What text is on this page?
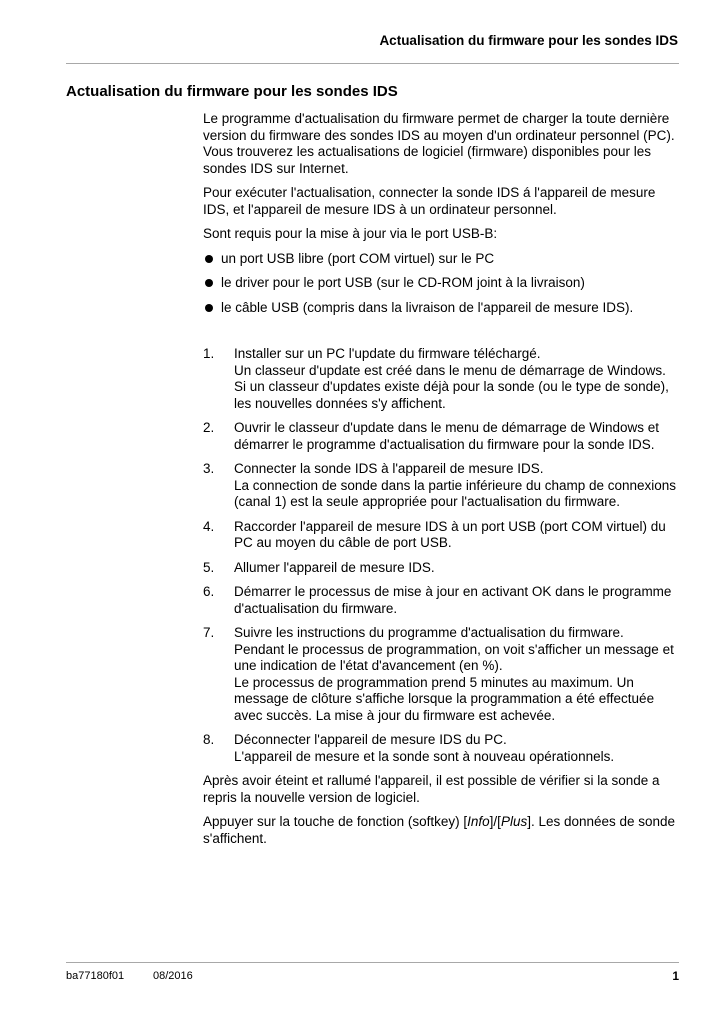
Actualisation du firmware pour les sondes IDS
Actualisation du firmware pour les sondes IDS

Le programme d'actualisation du firmware permet de charger la toute dernière version du firmware des sondes IDS au moyen d'un ordinateur personnel (PC). Vous trouverez les actualisations de logiciel (firmware) disponibles pour les sondes IDS sur Internet.

Pour exécuter l'actualisation, connecter la sonde IDS á l'appareil de mesure IDS, et l'appareil de mesure IDS à un ordinateur personnel.

Sont requis pour la mise à jour via le port USB-B:

un port USB libre (port COM virtuel) sur le PC
le driver pour le port USB (sur le CD-ROM joint à la livraison)
le câble USB (compris dans la livraison de l'appareil de mesure IDS).
1. Installer sur un PC l'update du firmware téléchargé.
Un classeur d'update est créé dans le menu de démarrage de Windows.
Si un classeur d'updates existe déjà pour la sonde (ou le type de sonde), les nouvelles données s'y affichent.
2. Ouvrir le classeur d'update dans le menu de démarrage de Windows et démarrer le programme d'actualisation du firmware pour la sonde IDS.
3. Connecter la sonde IDS à l'appareil de mesure IDS.
La connection de sonde dans la partie inférieure du champ de connexions (canal 1) est la seule appropriée pour l'actualisation du firmware.
4. Raccorder l'appareil de mesure IDS à un port USB (port COM virtuel) du PC au moyen du câble de port USB.
5. Allumer l'appareil de mesure IDS.
6. Démarrer le processus de mise à jour en activant OK dans le programme d'actualisation du firmware.
7. Suivre les instructions du programme d'actualisation du firmware.
Pendant le processus de programmation, on voit s'afficher un message et une indication de l'état d'avancement (en %).
Le processus de programmation prend 5 minutes au maximum. Un message de clôture s'affiche lorsque la programmation a été effectuée avec succès. La mise à jour du firmware est achevée.
8. Déconnecter l'appareil de mesure IDS du PC.
L'appareil de mesure et la sonde sont à nouveau opérationnels.

Après avoir éteint et rallumé l'appareil, il est possible de vérifier si la sonde a repris la nouvelle version de logiciel.

Appuyer sur la touche de fonction (softkey) [Info]/[Plus]. Les données de sonde s'affichent.

ba77180f01	08/2016	1
